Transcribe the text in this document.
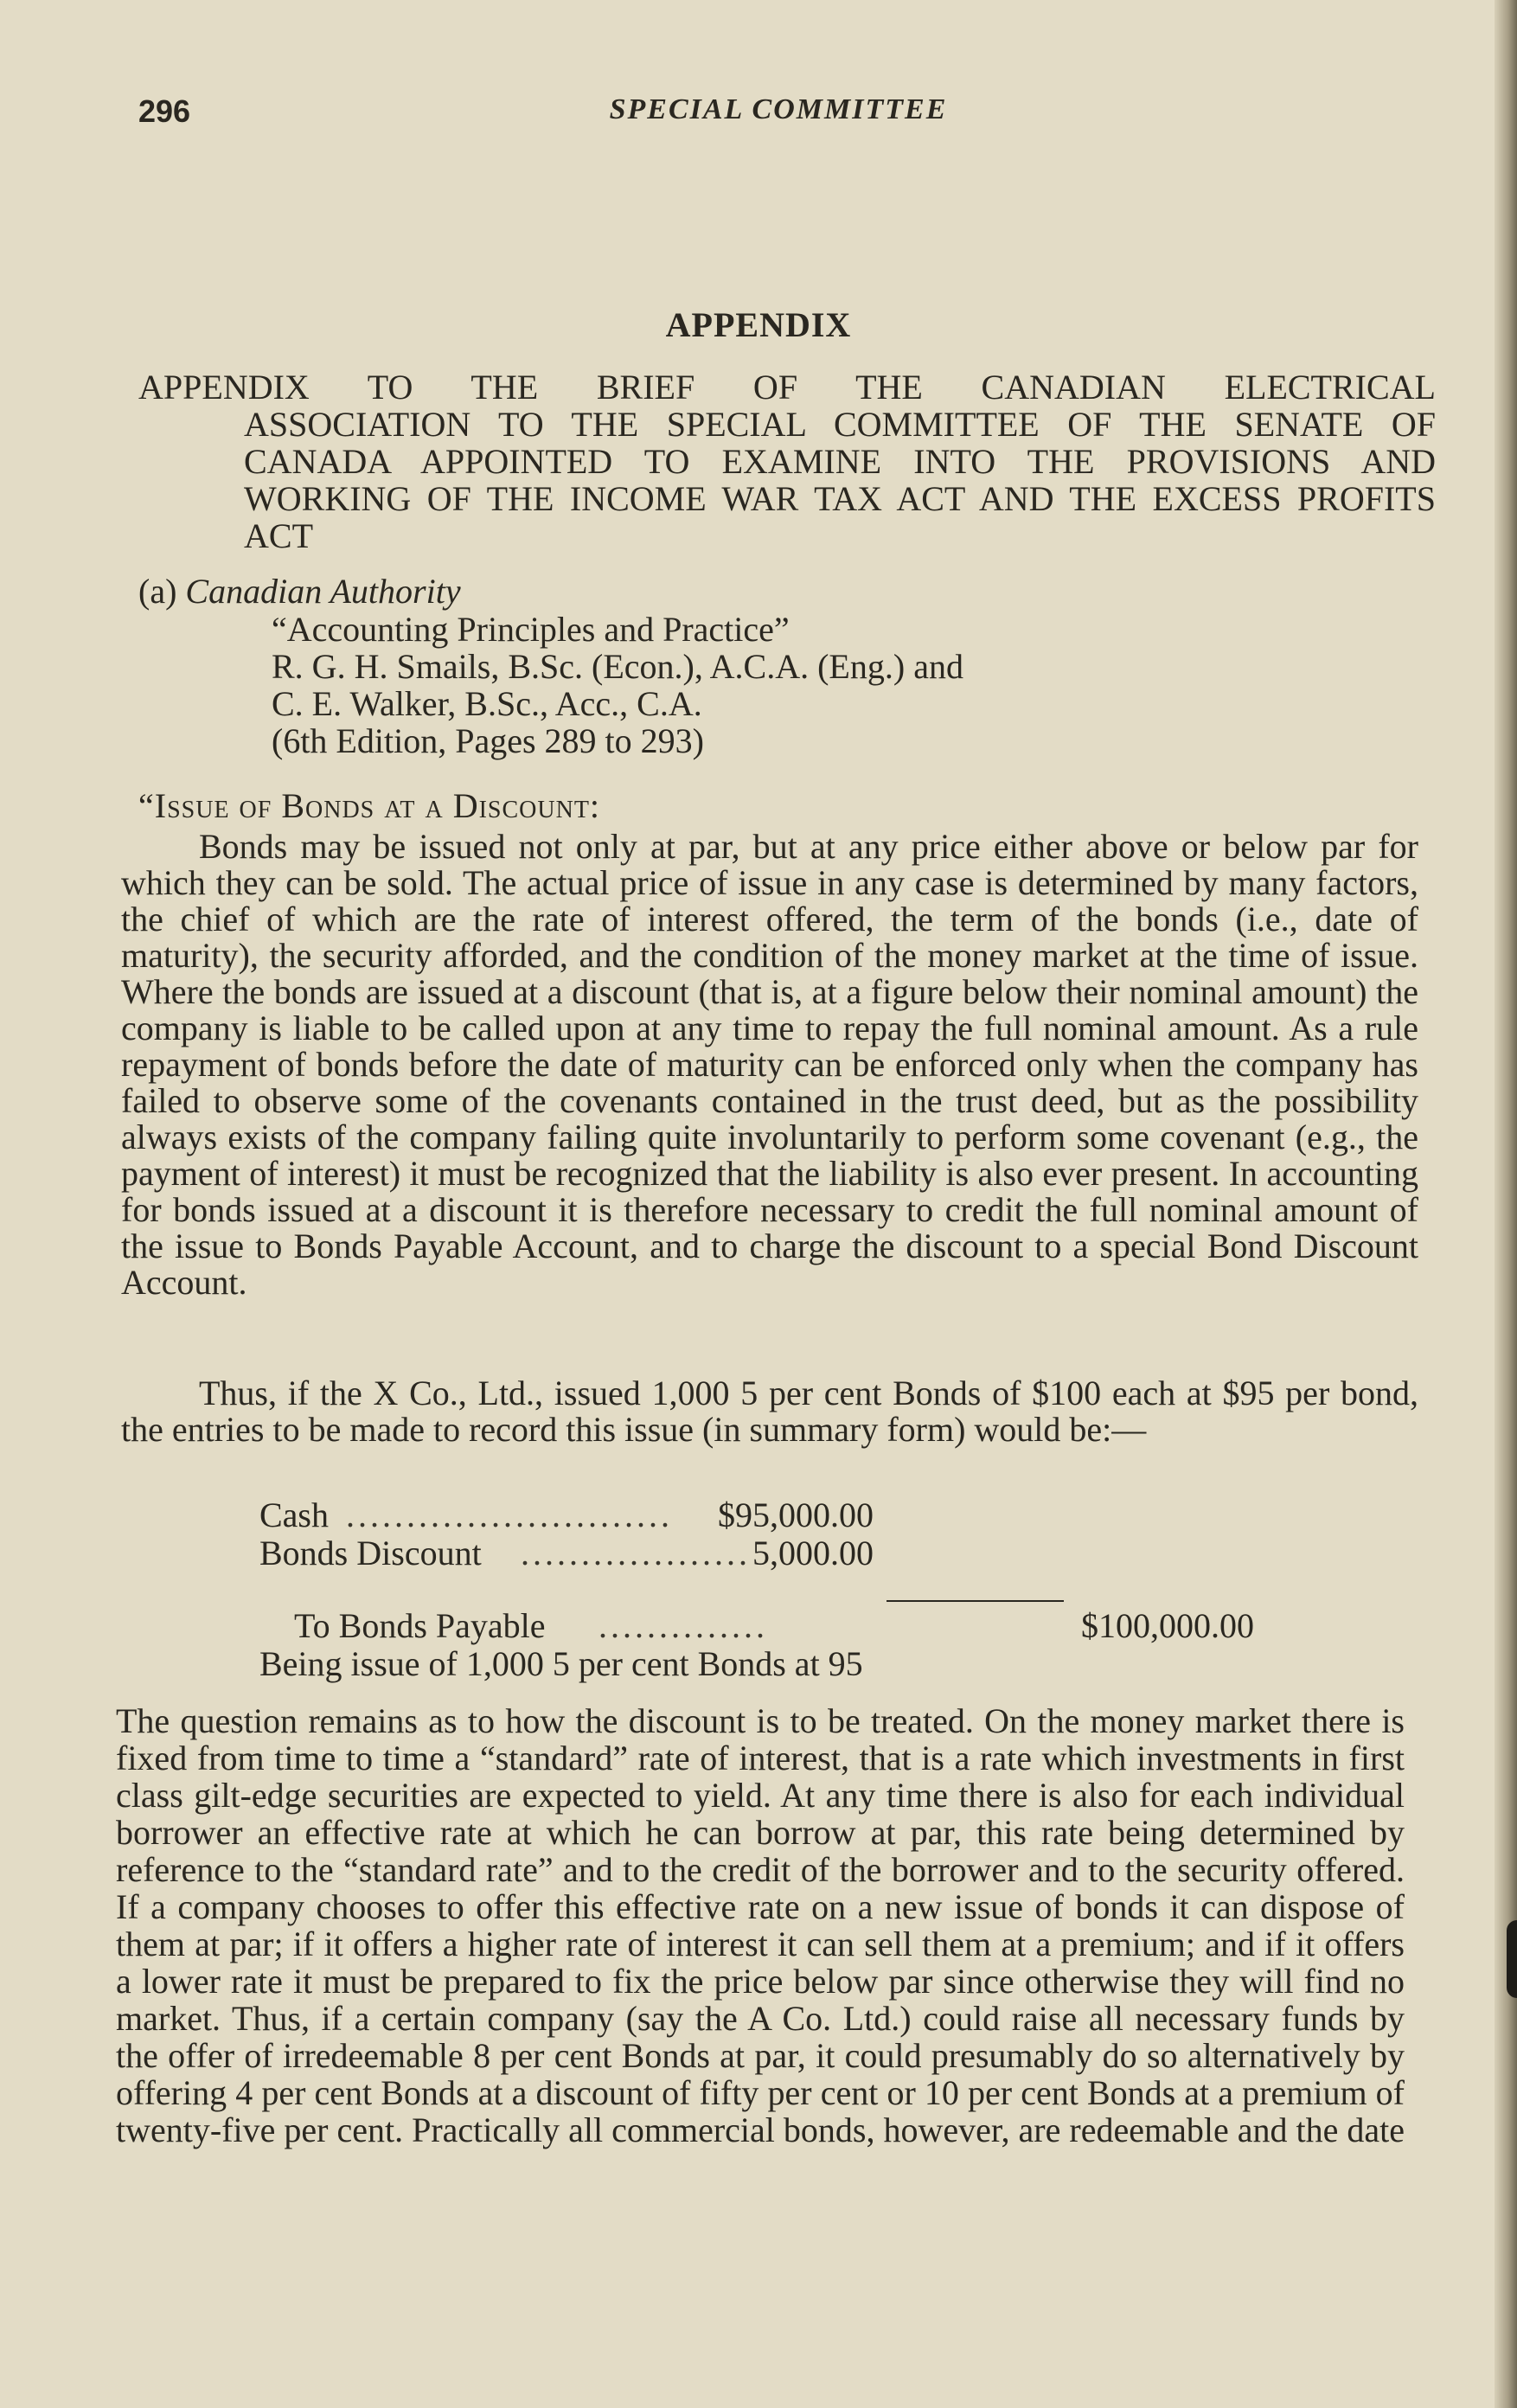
296	SPECIAL COMMITTEE
APPENDIX
APPENDIX TO THE BRIEF OF THE CANADIAN ELECTRICAL
ASSOCIATION TO THE SPECIAL COMMITTEE OF THE SENATE OF CANADA APPOINTED TO EXAMINE INTO THE PROVISIONS AND WORKING OF THE INCOME WAR TAX ACT AND THE EXCESS PROFITS ACT
(a) Canadian Authority
“Accounting Principles and Practice”
R. G. H. Smails, B.Sc. (Econ.), A.C.A. (Eng.) and
C. E. Walker, B.Sc., Acc., C.A.
(6th Edition, Pages 289 to 293)
“Issue of Bonds at a Discount:
Bonds may be issued not only at par, but at any price either above or below par for which they can be sold. The actual price of issue in any case is determined by many factors, the chief of which are the rate of interest offered, the term of the bonds (i.e., date of maturity), the security afforded, and the condition of the money market at the time of issue. Where the bonds are issued at a discount (that is, at a figure below their nominal amount) the company is liable to be called upon at any time to repay the full nominal amount. As a rule repayment of bonds before the date of maturity can be enforced only when the company has failed to observe some of the covenants contained in the trust deed, but as the possibility always exists of the company failing quite involuntarily to perform some covenant (e.g., the payment of interest) it must be recognized that the liability is also ever present. In accounting for bonds issued at a discount it is therefore necessary to credit the full nominal amount of the issue to Bonds Payable Account, and to charge the discount to a special Bond Discount Account.
Thus, if the X Co., Ltd., issued 1,000 5 per cent Bonds of $100 each at $95 per bond, the entries to be made to record this issue (in summary form) would be:—
Cash ...........................	$95,000.00
Bonds Discount ................... 5,000.00
To Bonds Payable ..............	$100,000.00
Being issue of 1,000 5 per cent Bonds at 95
The question remains as to how the discount is to be treated. On the money market there is fixed from time to time a “standard” rate of interest, that is a rate which investments in first class gilt-edge securities are expected to yield. At any time there is also for each individual borrower an effective rate at which he can borrow at par, this rate being determined by reference to the “standard rate” and to the credit of the borrower and to the security offered. If a company chooses to offer this effective rate on a new issue of bonds it can dispose of them at par; if it offers a higher rate of interest it can sell them at a premium; and if it offers a lower rate it must be prepared to fix the price below par since otherwise they will find no market. Thus, if a certain company (say the A Co. Ltd.) could raise all necessary funds by the offer of irredeemable 8 per cent Bonds at par, it could presumably do so alternatively by offering 4 per cent Bonds at a discount of fifty per cent or 10 per cent Bonds at a premium of twenty-five per cent. Practically all commercial bonds, however, are redeemable and the date
